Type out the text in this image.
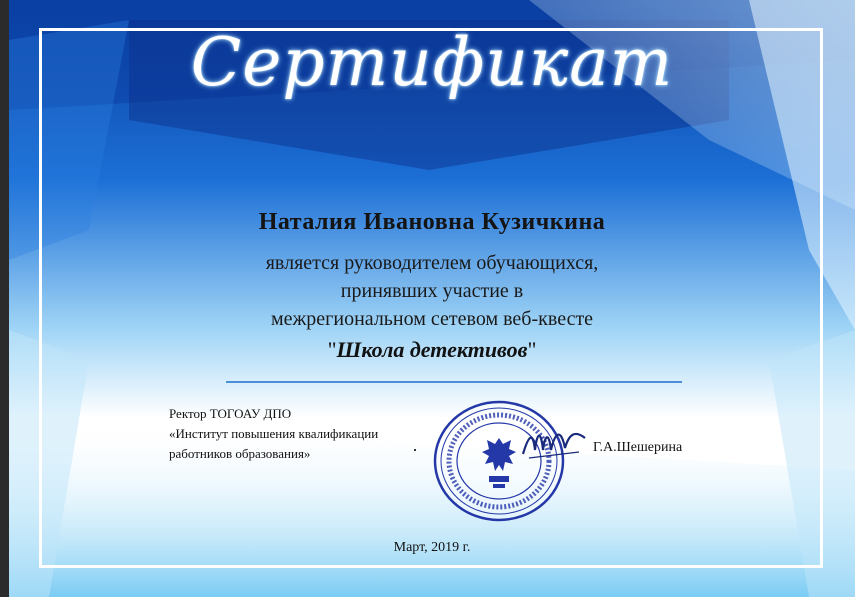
Сертификат
Наталия Ивановна Кузичкина
является руководителем обучающихся,
принявших участие в
межрегиональном сетевом веб-квесте
"Школа детективов"
Ректор ТОГОАУ ДПО
«Институт повышения квалификации
работников образования»	Г.А.Шешерина
Март, 2019 г.
